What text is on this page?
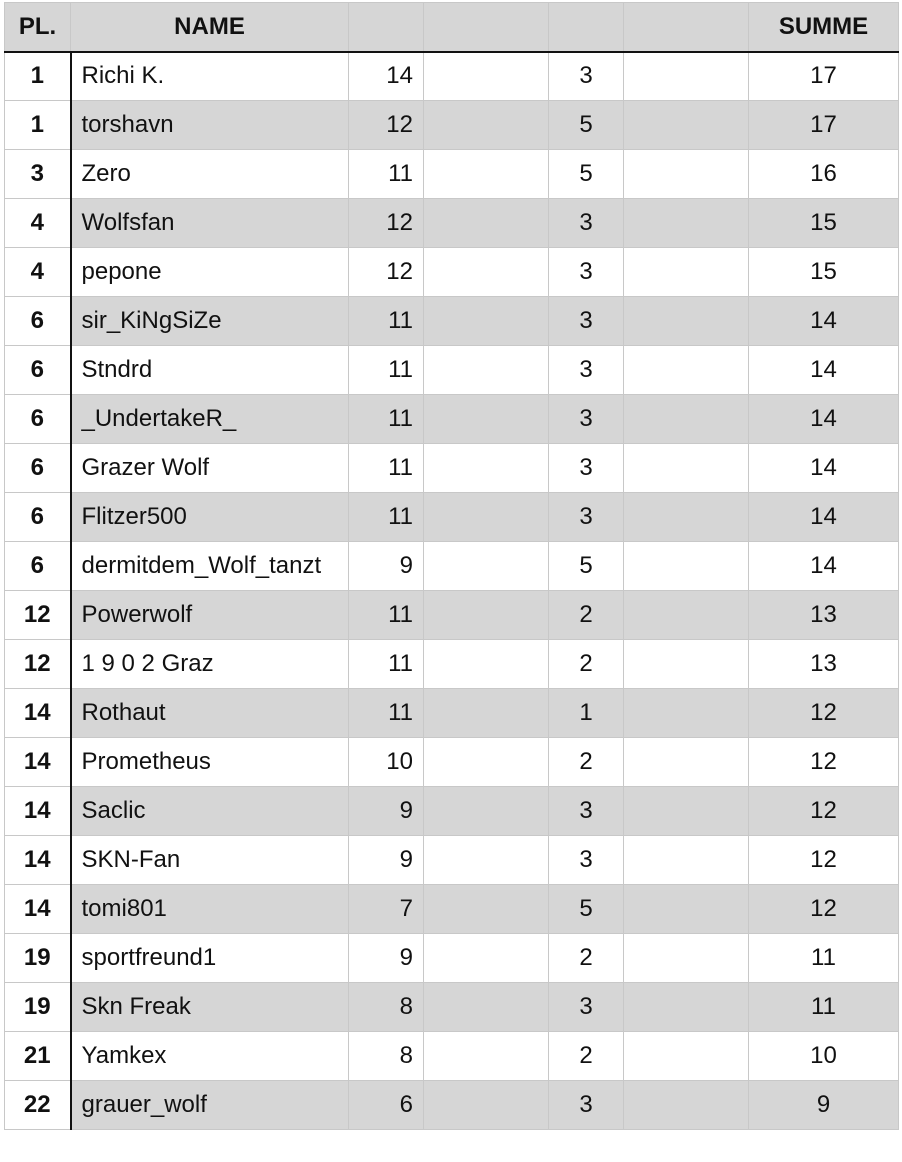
PL.	NAME					SUMME
1	Richi K.	14		3		17
1	torshavn	12		5		17
3	Zero	11		5		16
4	Wolfsfan	12		3		15
4	pepone	12		3		15
6	sir_KiNgSiZe	11		3		14
6	Stndrd	11		3		14
6	_UndertakeR_	11		3		14
6	Grazer Wolf	11		3		14
6	Flitzer500	11		3		14
6	dermitdem_Wolf_tanzt	9		5		14
12	Powerwolf	11		2		13
12	1 9 0 2 Graz	11		2		13
14	Rothaut	11		1		12
14	Prometheus	10		2		12
14	Saclic	9		3		12
14	SKN-Fan	9		3		12
14	tomi801	7		5		12
19	sportfreund1	9		2		11
19	Skn Freak	8		3		11
21	Yamkex	8		2		10
22	grauer_wolf	6		3		9
